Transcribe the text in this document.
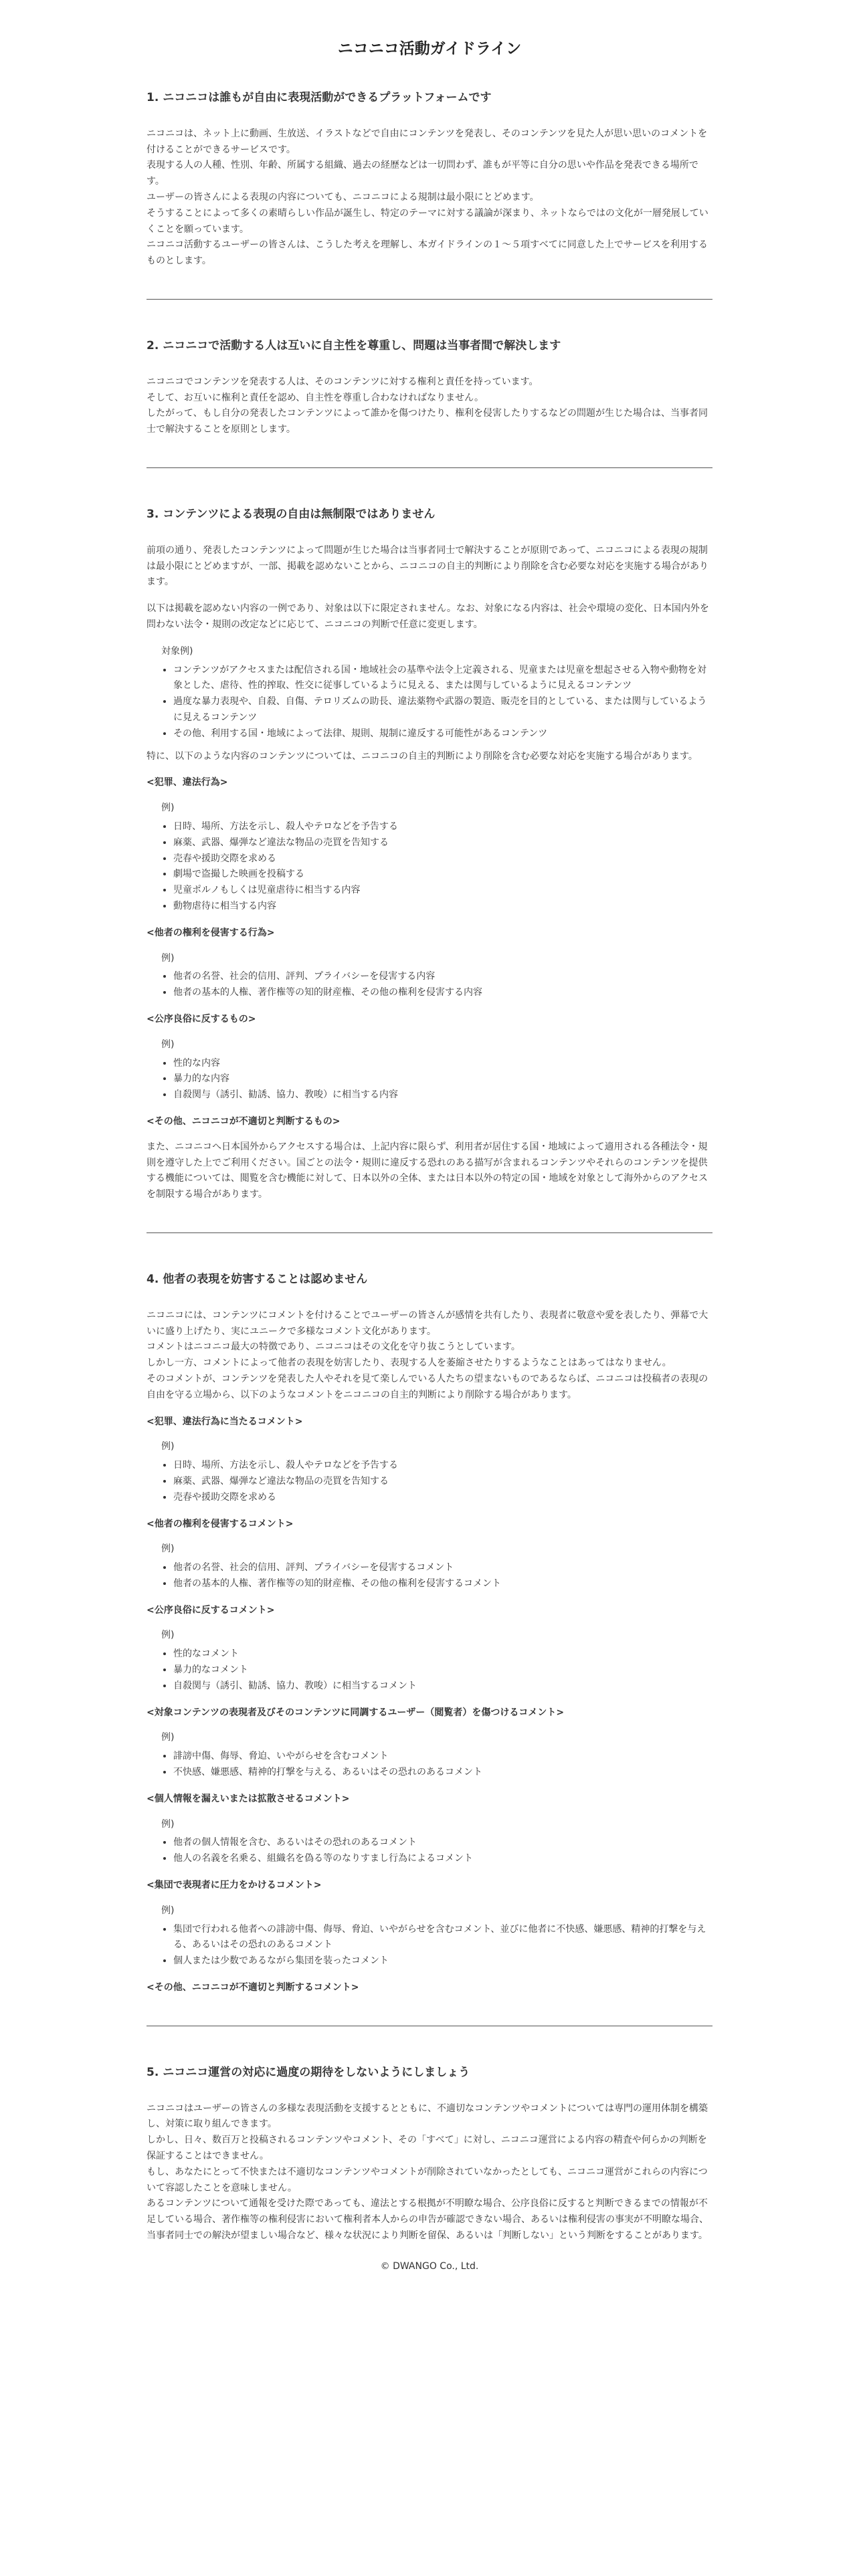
ニコニコ活動ガイドライン
1. ニコニコは誰もが自由に表現活動ができるプラットフォームです

ニコニコは、ネット上に動画、生放送、イラストなどで自由にコンテンツを発表し、そのコンテンツを見た人が思い思いのコメントを付けることができるサービスです。
表現する人の人種、性別、年齢、所属する組織、過去の経歴などは一切問わず、誰もが平等に自分の思いや作品を発表できる場所です。
ユーザーの皆さんによる表現の内容についても、ニコニコによる規制は最小限にとどめます。
そうすることによって多くの素晴らしい作品が誕生し、特定のテーマに対する議論が深まり、ネットならではの文化が一層発展していくことを願っています。
ニコニコ活動するユーザーの皆さんは、こうした考えを理解し、本ガイドラインの１～５項すべてに同意した上でサービスを利用するものとします。

2. ニコニコで活動する人は互いに自主性を尊重し、問題は当事者間で解決します

ニコニコでコンテンツを発表する人は、そのコンテンツに対する権利と責任を持っています。
そして、お互いに権利と責任を認め、自主性を尊重し合わなければなりません。
したがって、もし自分の発表したコンテンツによって誰かを傷つけたり、権利を侵害したりするなどの問題が生じた場合は、当事者同士で解決することを原則とします。

3. コンテンツによる表現の自由は無制限ではありません

前項の通り、発表したコンテンツによって問題が生じた場合は当事者同士で解決することが原則であって、ニコニコによる表現の規制は最小限にとどめますが、一部、掲載を認めないことから、ニコニコの自主的判断により削除を含む必要な対応を実施する場合があります。

以下は掲載を認めない内容の一例であり、対象は以下に限定されません。なお、対象になる内容は、社会や環境の変化、日本国内外を問わない法令・規則の改定などに応じて、ニコニコの判断で任意に変更します。

対象例)
• コンテンツがアクセスまたは配信される国・地域社会の基準や法令上定義される、児童または児童を想起させる入物や動物を対象とした、虐待、性的搾取、性交に従事しているように見える、または関与しているように見えるコンテンツ
• 過度な暴力表現や、自殺、自傷、テロリズムの助長、違法薬物や武器の製造、販売を目的としている、または関与しているように見えるコンテンツ
• その他、利用する国・地域によって法律、規則、規制に違反する可能性があるコンテンツ

特に、以下のような内容のコンテンツについては、ニコニコの自主的判断により削除を含む必要な対応を実施する場合があります。

<犯罪、違法行為>
例)
• 日時、場所、方法を示し、殺人やテロなどを予告する
• 麻薬、武器、爆弾など違法な物品の売買を告知する
• 売春や援助交際を求める
• 劇場で盗撮した映画を投稿する
• 児童ポルノもしくは児童虐待に相当する内容
• 動物虐待に相当する内容
<他者の権利を侵害する行為>
例)
• 他者の名誉、社会的信用、評判、プライバシーを侵害する内容
• 他者の基本的人権、著作権等の知的財産権、その他の権利を侵害する内容
<公序良俗に反するもの>
例)
• 性的な内容
• 暴力的な内容
• 自殺関与（誘引、勧誘、協力、教唆）に相当する内容
<その他、ニコニコが不適切と判断するもの>

また、ニコニコへ日本国外からアクセスする場合は、上記内容に限らず、利用者が居住する国・地域によって適用される各種法令・規則を遵守した上でご利用ください。国ごとの法令・規則に違反する恐れのある描写が含まれるコンテンツやそれらのコンテンツを提供する機能については、閲覧を含む機能に対して、日本以外の全体、または日本以外の特定の国・地域を対象として海外からのアクセスを制限する場合があります。

4. 他者の表現を妨害することは認めません

ニコニコには、コンテンツにコメントを付けることでユーザーの皆さんが感情を共有したり、表現者に敬意や愛を表したり、弾幕で大いに盛り上げたり、実にユニークで多様なコメント文化があります。
コメントはニコニコ最大の特徴であり、ニコニコはその文化を守り抜こうとしています。
しかし一方、コメントによって他者の表現を妨害したり、表現する人を萎縮させたりするようなことはあってはなりません。
そのコメントが、コンテンツを発表した人やそれを見て楽しんでいる人たちの望まないものであるならば、ニコニコは投稿者の表現の自由を守る立場から、以下のようなコメントをニコニコの自主的判断により削除する場合があります。

<犯罪、違法行為に当たるコメント>
例)
• 日時、場所、方法を示し、殺人やテロなどを予告する
• 麻薬、武器、爆弾など違法な物品の売買を告知する
• 売春や援助交際を求める
<他者の権利を侵害するコメント>
例)
• 他者の名誉、社会的信用、評判、プライバシーを侵害するコメント
• 他者の基本的人権、著作権等の知的財産権、その他の権利を侵害するコメント
<公序良俗に反するコメント>
例)
• 性的なコメント
• 暴力的なコメント
• 自殺関与（誘引、勧誘、協力、教唆）に相当するコメント
<対象コンテンツの表現者及びそのコンテンツに同調するユーザー（閲覧者）を傷つけるコメント>
例)
• 誹謗中傷、侮辱、脅迫、いやがらせを含むコメント
• 不快感、嫌悪感、精神的打撃を与える、あるいはその恐れのあるコメント
<個人情報を漏えいまたは拡散させるコメント>
例)
• 他者の個人情報を含む、あるいはその恐れのあるコメント
• 他人の名義を名乗る、組織名を偽る等のなりすまし行為によるコメント
<集団で表現者に圧力をかけるコメント>
例)
• 集団で行われる他者への誹謗中傷、侮辱、脅迫、いやがらせを含むコメント、並びに他者に不快感、嫌悪感、精神的打撃を与える、あるいはその恐れのあるコメント
• 個人または少数であるながら集団を装ったコメント
<その他、ニコニコが不適切と判断するコメント>
5. ニコニコ運営の対応に過度の期待をしないようにしましょう

ニコニコはユーザーの皆さんの多様な表現活動を支援するとともに、不適切なコンテンツやコメントについては専門の運用体制を構築し、対策に取り組んできます。
しかし、日々、数百万と投稿されるコンテンツやコメント、その「すべて」に対し、ニコニコ運営による内容の精査や何らかの判断を保証することはできません。
もし、あなたにとって不快または不適切なコンテンツやコメントが削除されていなかったとしても、ニコニコ運営がこれらの内容について容認したことを意味しません。
あるコンテンツについて通報を受けた際であっても、違法とする根拠が不明瞭な場合、公序良俗に反すると判断できるまでの情報が不足している場合、著作権等の権利侵害において権利者本人からの申告が確認できない場合、あるいは権利侵害の事実が不明瞭な場合、当事者同士での解決が望ましい場合など、様々な状況により判断を留保、あるいは「判断しない」という判断をすることがあります。

© DWANGO Co., Ltd.
